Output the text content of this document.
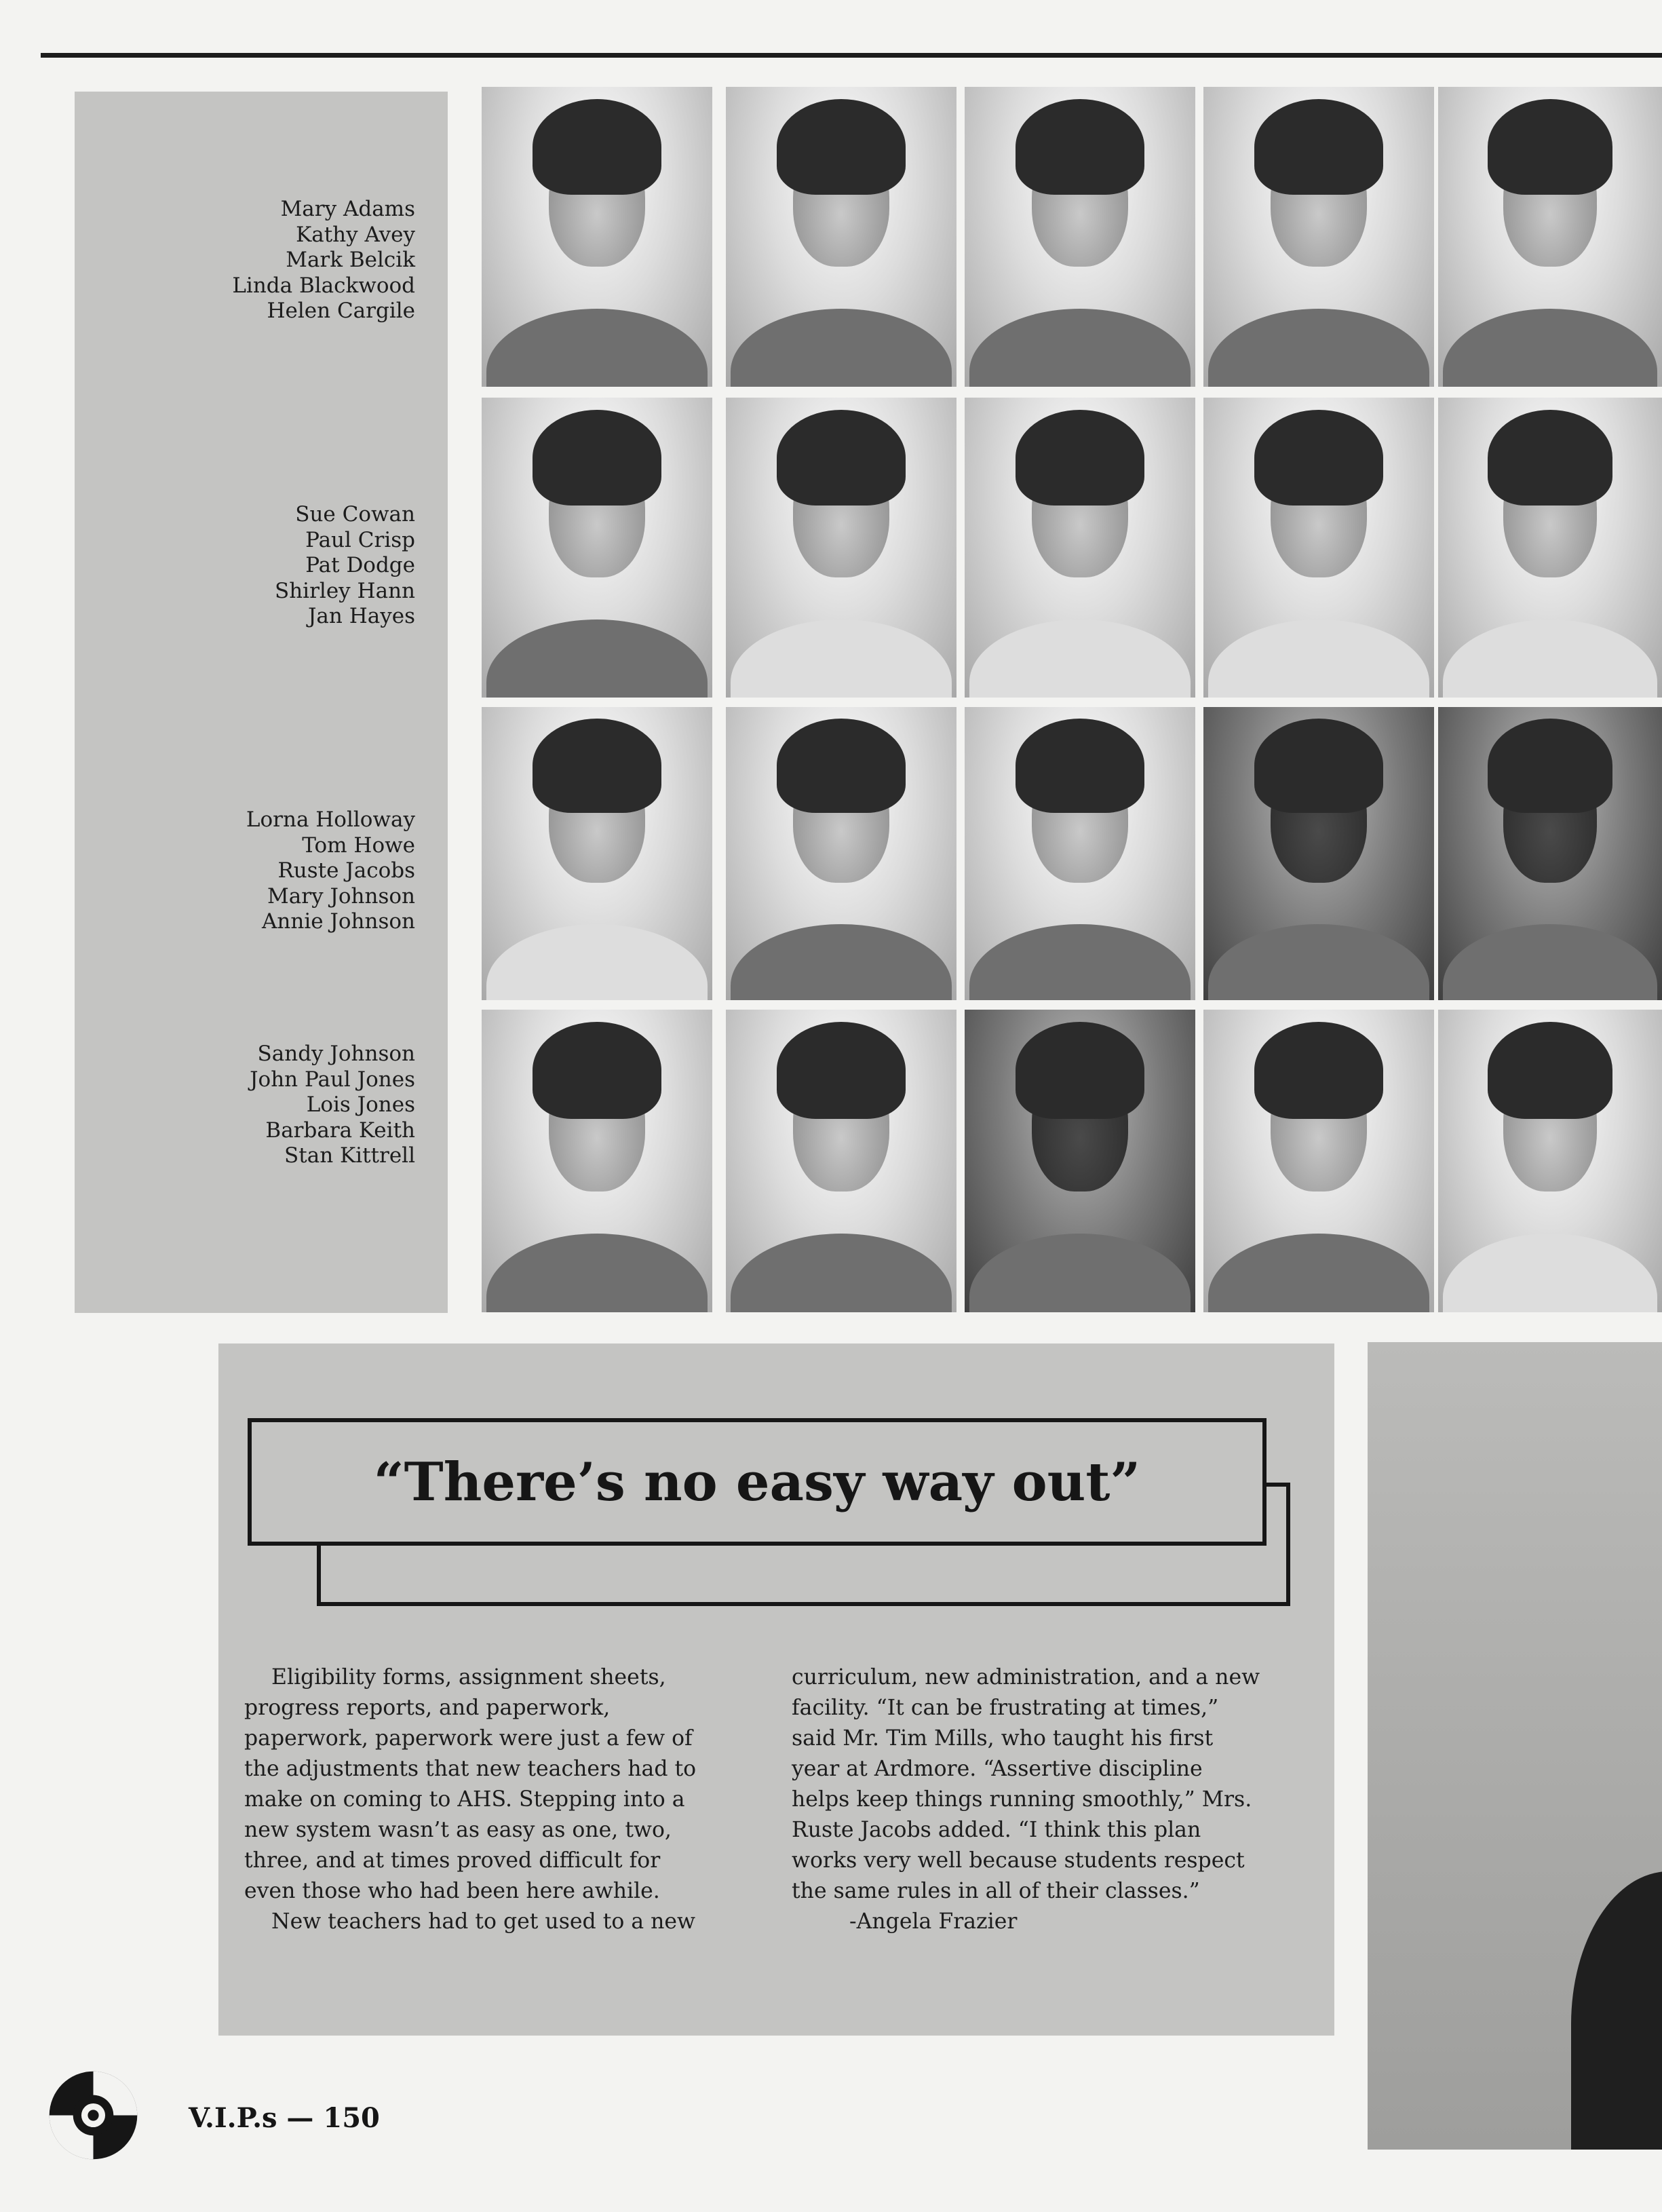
Mary Adams
Kathy Avey
Mark Belcik
Linda Blackwood
Helen Cargile
Sue Cowan
Paul Crisp
Pat Dodge
Shirley Hann
Jan Hayes
Lorna Holloway
Tom Howe
Ruste Jacobs
Mary Johnson
Annie Johnson
Sandy Johnson
John Paul Jones
Lois Jones
Barbara Keith
Stan Kittrell
“There’s no easy way out”

Eligibility forms, assignment sheets,

progress reports, and paperwork,

paperwork, paperwork were just a few of

the adjustments that new teachers had to

make on coming to AHS. Stepping into a

new system wasn’t as easy as one, two,

three, and at times proved difficult for

even those who had been here awhile.

New teachers had to get used to a new

curriculum, new administration, and a new

facility. “It can be frustrating at times,”

said Mr. Tim Mills, who taught his first

year at Ardmore. “Assertive discipline

helps keep things running smoothly,” Mrs.

Ruste Jacobs added. “I think this plan

works very well because students respect

the same rules in all of their classes.”

-Angela Frazier

V.I.P.s — 150
